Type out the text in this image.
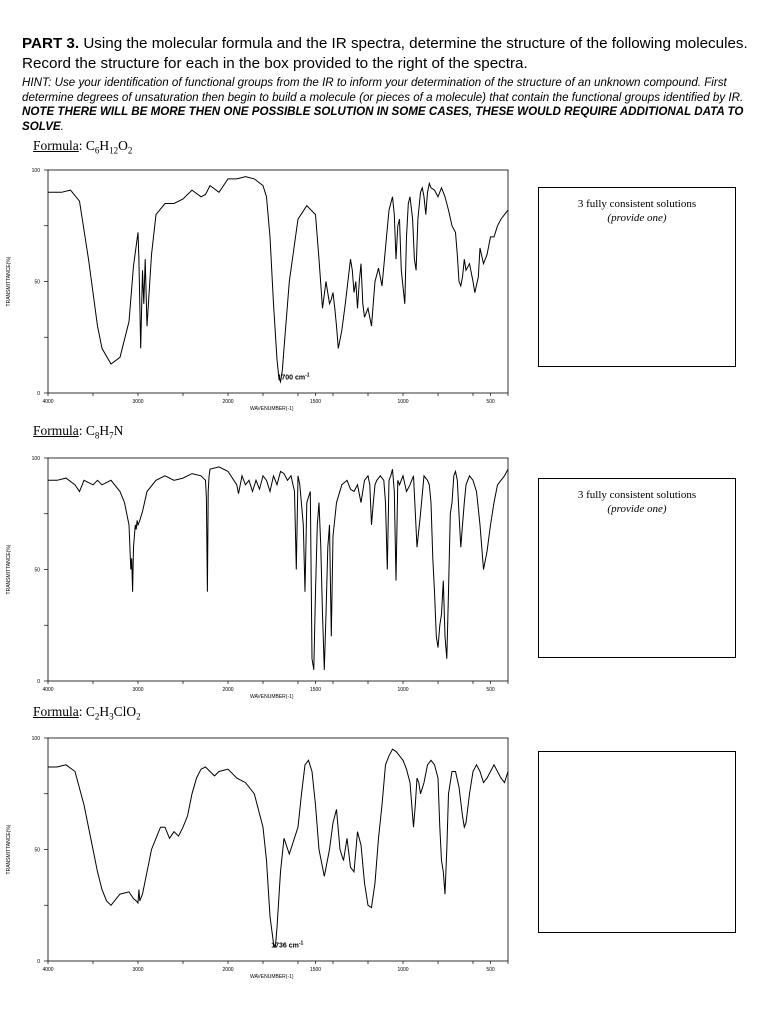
PART 3. Using the molecular formula and the IR spectra, determine the structure of the following molecules. Record the structure for each in the box provided to the right of the spectra.

HINT: Use your identification of functional groups from the IR to inform your determination of the structure of an unknown compound. First determine degrees of unsaturation then begin to build a molecule (or pieces of a molecule) that contain the functional groups identified by IR. NOTE THERE WILL BE MORE THEN ONE POSSIBLE SOLUTION IN SOME CASES, THESE WOULD REQUIRE ADDITIONAL DATA TO SOLVE.

Formula: $C_6H_{12}O_2$
100
50
0
4000	3000	2000	1500	1000	500
WAVENUMBER(-1)
TRANSMITTANCE(%)
1700 $cm^{-1}$
3 fully consistent solutions
(provide one)
Formula: $C_8H_7N$
100
50
0
4000	3000	2000	1500	1000	500
WAVENUMBER(-1)
TRANSMITTANCE(%)
3 fully consistent solutions
(provide one)
Formula: $C_2H_3ClO_2$
100
50
0
4000	3000	2000	1500	1000	500
WAVENUMBER(-1)
TRANSMITTANCE(%)
1736 $cm^{-1}$
